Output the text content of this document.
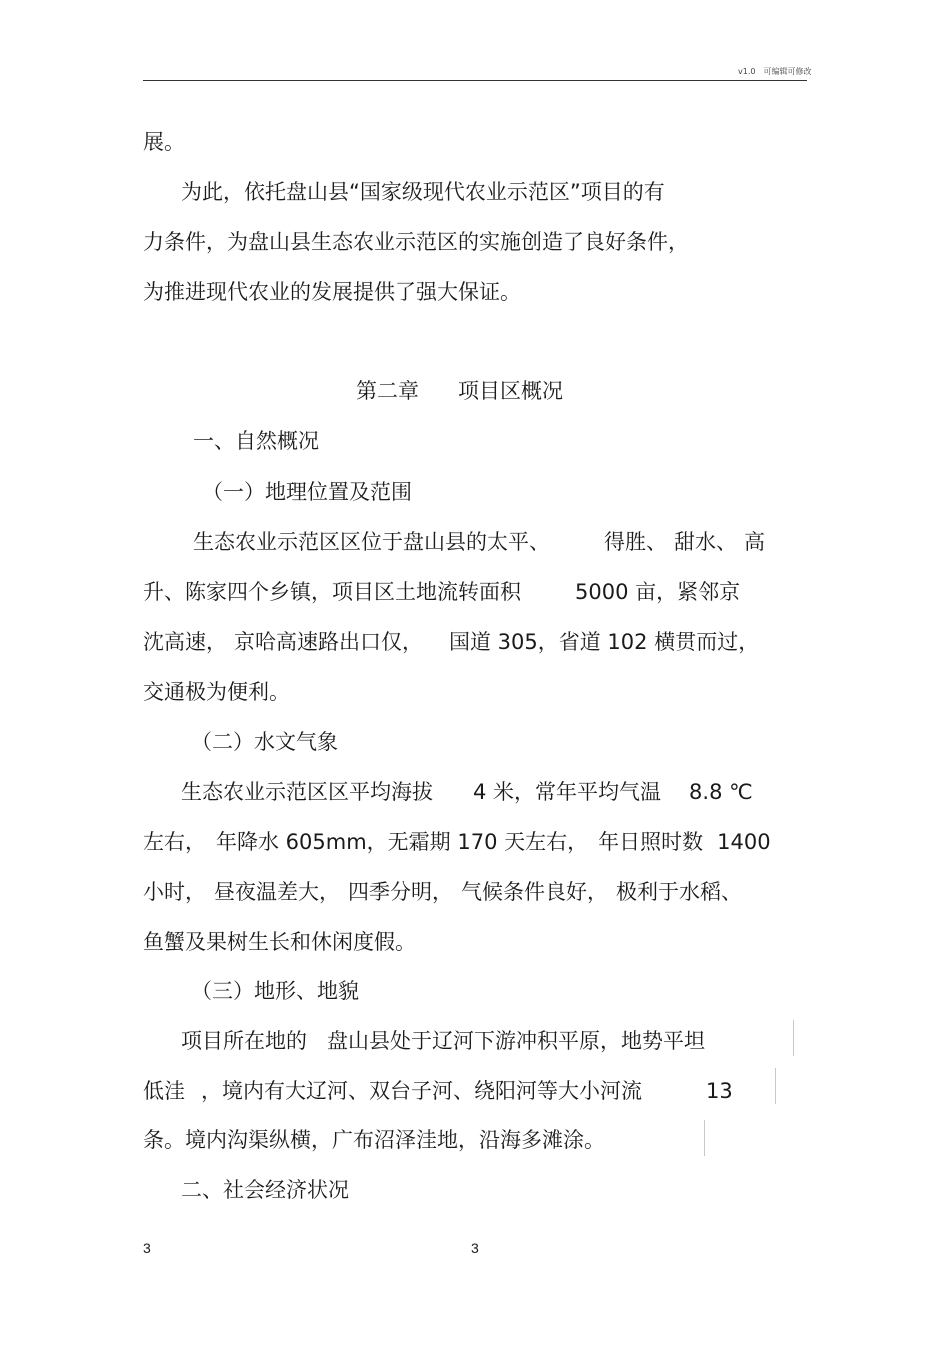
v1.0　可编辑可修改
展。
为此，依托盘山县“国家级现代农业示范区”项目的有
力条件，为盘山县生态农业示范区的实施创造了良好条件，
为推进现代农业的发展提供了强大保证。
第二章 项目区概况
一、自然概况
（一）地理位置及范围
生态农业示范区区位于盘山县的太平、	得胜、 甜水、 高
升、陈家四个乡镇，项目区土地流转面积	5000 亩，紧邻京
沈高速， 京哈高速路出口仅， 国道 305，省道 102 横贯而过，
交通极为便利。
（二）水文气象
生态农业示范区区平均海拔 4 米，常年平均气温 8.8 ℃
左右， 年降水 605mm，无霜期 170 天左右， 年日照时数 1400
小时， 昼夜温差大， 四季分明， 气候条件良好， 极利于水稻、
鱼蟹及果树生长和休闲度假。
（三）地形、地貌
项目所在地的 盘山县处于辽河下游冲积平原，地势平坦
低洼 ，境内有大辽河、双台子河、绕阳河等大小河流	13
条。境内沟渠纵横，广布沼泽洼地，沿海多滩涂。
二、社会经济状况
3	3
